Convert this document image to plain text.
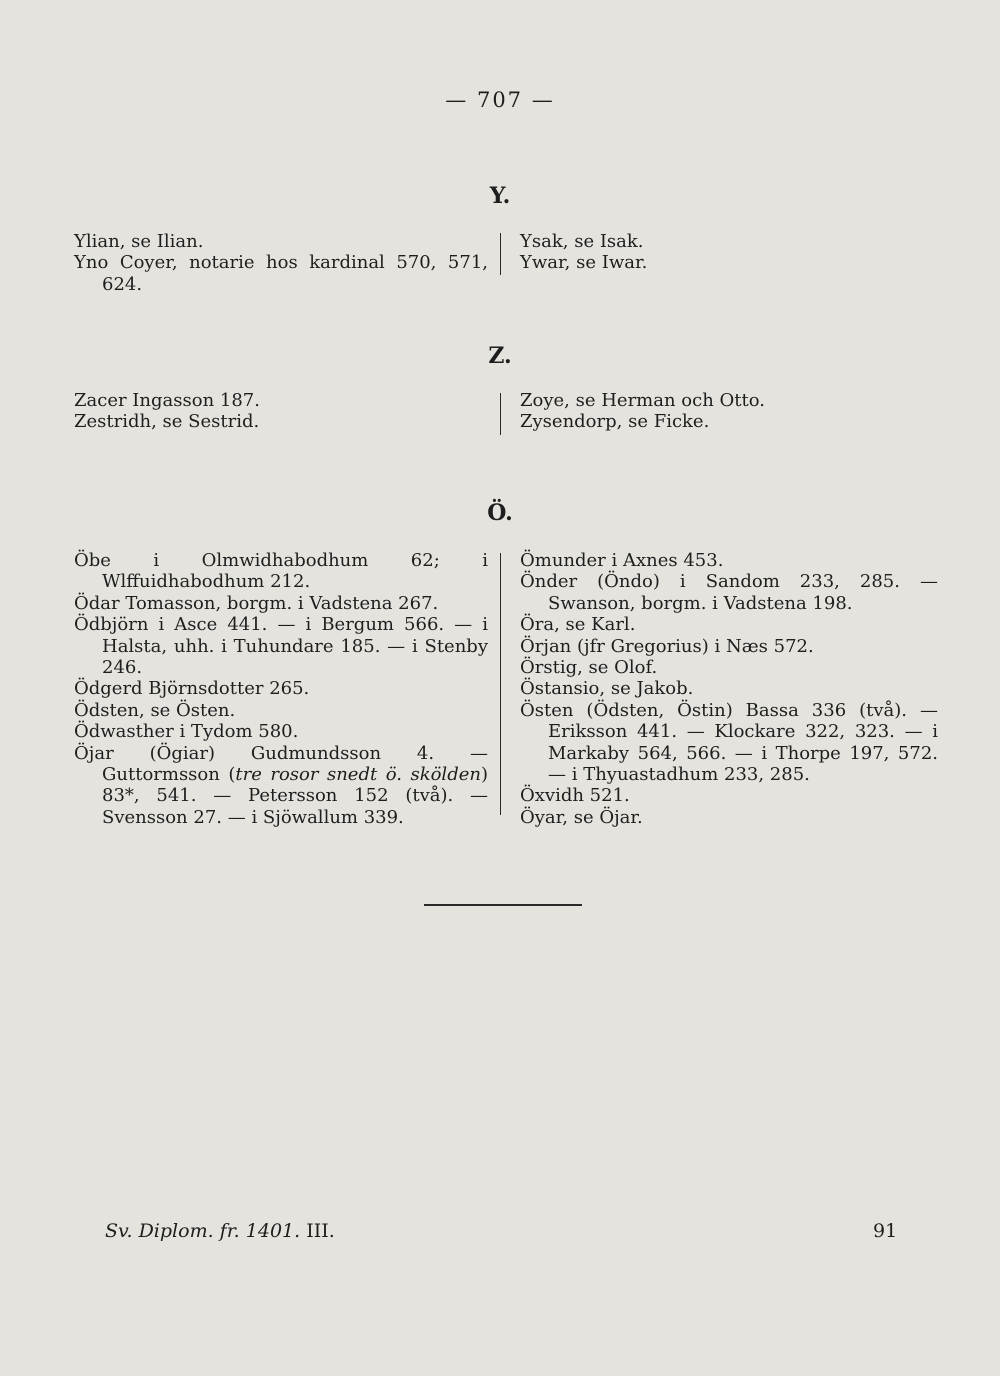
— 707 —
Y.

Ylian, se Ilian.

Yno Coyer, notarie hos kardinal 570, 571, 624.

Ysak, se Isak.

Ywar, se Iwar.

Z.

Zacer Ingasson 187.

Zestridh, se Sestrid.

Zoye, se Herman och Otto.

Zysendorp, se Ficke.

Ö.

Öbe i Olmwidhabodhum 62; i Wlffuidhabodhum 212.

Ödar Tomasson, borgm. i Vadstena 267.

Ödbjörn i Asce 441. — i Bergum 566. — i Halsta, uhh. i Tuhundare 185. — i Stenby 246.

Ödgerd Björnsdotter 265.

Ödsten, se Östen.

Ödwasther i Tydom 580.

Öjar (Ögiar) Gudmundsson 4. — Guttormsson (tre rosor snedt ö. skölden) 83*, 541. — Petersson 152 (två). — Svensson 27. — i Sjöwallum 339.

Ömunder i Axnes 453.

Önder (Öndo) i Sandom 233, 285. — Swanson, borgm. i Vadstena 198.

Öra, se Karl.

Örjan (jfr Gregorius) i Næs 572.

Örstig, se Olof.

Östansio, se Jakob.

Östen (Ödsten, Östin) Bassa 336 (två). — Eriksson 441. — Klockare 322, 323. — i Markaby 564, 566. — i Thorpe 197, 572. — i Thyuastadhum 233, 285.

Öxvidh 521.

Öyar, se Öjar.

Sv. Diplom. fr. 1401. III.	91
